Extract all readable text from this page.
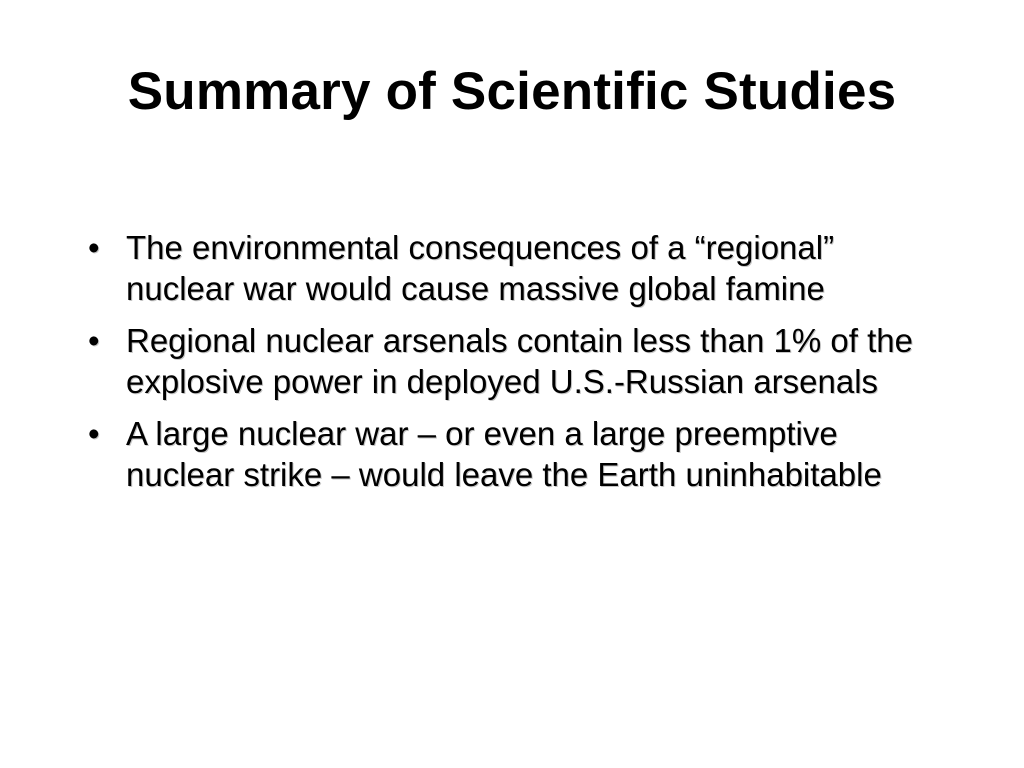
Summary of Scientific Studies
• The environmental consequences of a “regional” nuclear war would cause massive global famine
• Regional nuclear arsenals contain less than 1% of the explosive power in deployed U.S.-Russian arsenals
• A large nuclear war – or even a large preemptive nuclear strike – would leave the Earth uninhabitable
